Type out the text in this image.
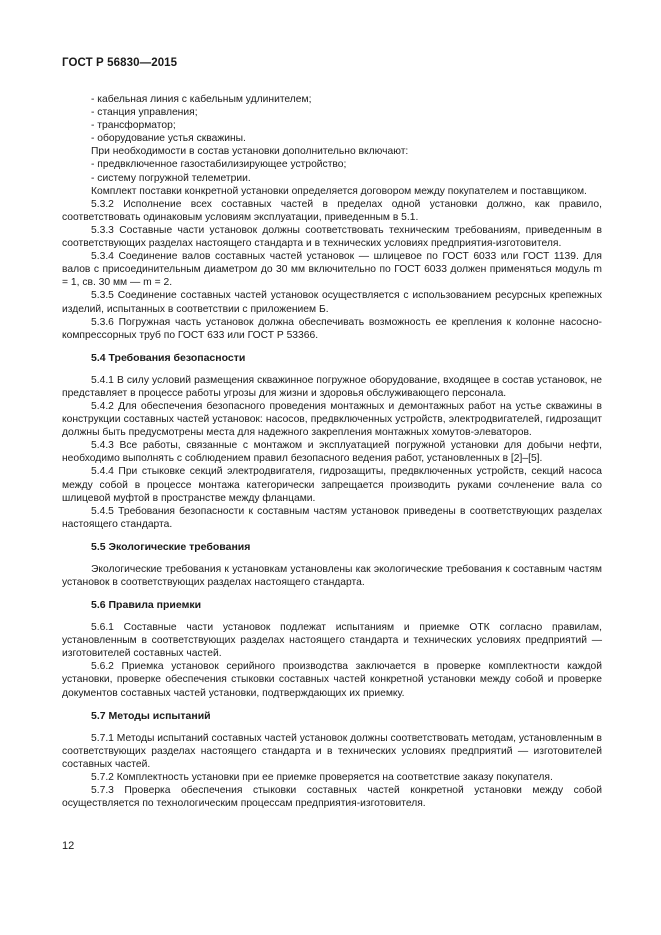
ГОСТ Р 56830—2015

- кабельная линия с кабельным удлинителем;

- станция управления;

- трансформатор;

- оборудование устья скважины.

При необходимости в состав установки дополнительно включают:

- предвключенное газостабилизирующее устройство;

- систему погружной телеметрии.

Комплект поставки конкретной установки определяется договором между покупателем и поставщиком.

5.3.2 Исполнение всех составных частей в пределах одной установки должно, как правило, соответствовать одинаковым условиям эксплуатации, приведенным в 5.1.

5.3.3 Составные части установок должны соответствовать техническим требованиям, приведенным в соответствующих разделах настоящего стандарта и в технических условиях предприятия-изготовителя.

5.3.4 Соединение валов составных частей установок — шлицевое по ГОСТ 6033 или ГОСТ 1139. Для валов с присоединительным диаметром до 30 мм включительно по ГОСТ 6033 должен применяться модуль m = 1, св. 30 мм — m = 2.

5.3.5 Соединение составных частей установок осуществляется с использованием ресурсных крепежных изделий, испытанных в соответствии с приложением Б.

5.3.6 Погружная часть установок должна обеспечивать возможность ее крепления к колонне насосно-компрессорных труб по ГОСТ 633 или ГОСТ Р 53366.

5.4 Требования безопасности

5.4.1 В силу условий размещения скважинное погружное оборудование, входящее в состав установок, не представляет в процессе работы угрозы для жизни и здоровья обслуживающего персонала.

5.4.2 Для обеспечения безопасного проведения монтажных и демонтажных работ на устье скважины в конструкции составных частей установок: насосов, предвключенных устройств, электродвигателей, гидрозащит должны быть предусмотрены места для надежного закрепления монтажных хомутов-элеваторов.

5.4.3 Все работы, связанные с монтажом и эксплуатацией погружной установки для добычи нефти, необходимо выполнять с соблюдением правил безопасного ведения работ, установленных в [2]–[5].

5.4.4 При стыковке секций электродвигателя, гидрозащиты, предвключенных устройств, секций насоса между собой в процессе монтажа категорически запрещается производить руками сочленение вала со шлицевой муфтой в пространстве между фланцами.

5.4.5 Требования безопасности к составным частям установок приведены в соответствующих разделах настоящего стандарта.

5.5 Экологические требования

Экологические требования к установкам установлены как экологические требования к составным частям установок в соответствующих разделах настоящего стандарта.

5.6 Правила приемки

5.6.1 Составные части установок подлежат испытаниям и приемке ОТК согласно правилам, установленным в соответствующих разделах настоящего стандарта и технических условиях предприятий — изготовителей составных частей.

5.6.2 Приемка установок серийного производства заключается в проверке комплектности каждой установки, проверке обеспечения стыковки составных частей конкретной установки между собой и проверке документов составных частей установки, подтверждающих их приемку.

5.7 Методы испытаний

5.7.1 Методы испытаний составных частей установок должны соответствовать методам, установленным в соответствующих разделах настоящего стандарта и в технических условиях предприятий — изготовителей составных частей.

5.7.2 Комплектность установки при ее приемке проверяется на соответствие заказу покупателя.

5.7.3 Проверка обеспечения стыковки составных частей конкретной установки между собой осуществляется по технологическим процессам предприятия-изготовителя.

12
